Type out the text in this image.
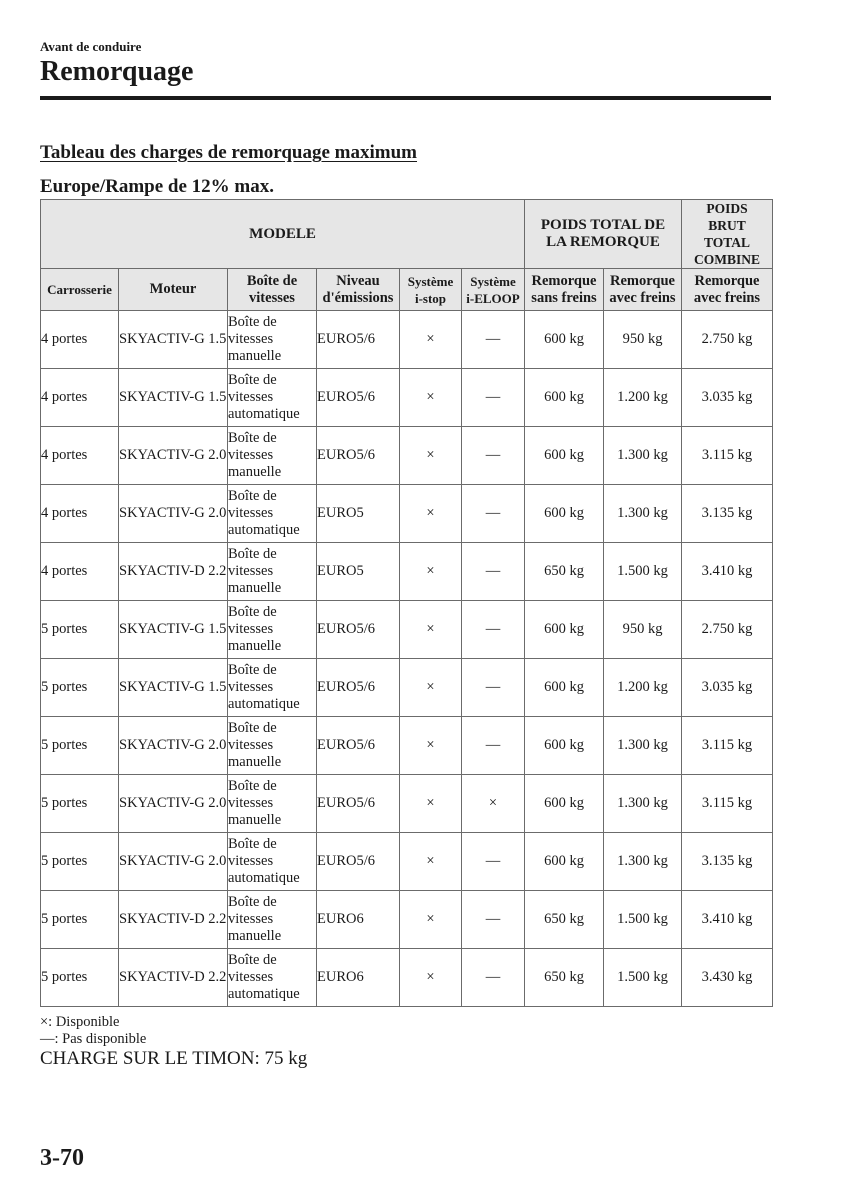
Avant de conduire
Remorquage
Tableau des charges de remorquage maximum
Europe/Rampe de 12% max.
MODELE						POIDS TOTAL DE LA REMORQUE		POIDS BRUT TOTAL COMBINE
Carrosserie	Moteur	Boîte de vitesses	Niveau d'émissions	Système i-stop	Système i-ELOOP	Remorque sans freins	Remorque avec freins	Remorque avec freins
4 portes	SKYACTIV-G 1.5	Boîte de vitesses manuelle	EURO5/6	×	—	600 kg	950 kg	2.750 kg
4 portes	SKYACTIV-G 1.5	Boîte de vitesses automatique	EURO5/6	×	—	600 kg	1.200 kg	3.035 kg
4 portes	SKYACTIV-G 2.0	Boîte de vitesses manuelle	EURO5/6	×	—	600 kg	1.300 kg	3.115 kg
4 portes	SKYACTIV-G 2.0	Boîte de vitesses automatique	EURO5	×	—	600 kg	1.300 kg	3.135 kg
4 portes	SKYACTIV-D 2.2	Boîte de vitesses manuelle	EURO5	×	—	650 kg	1.500 kg	3.410 kg
5 portes	SKYACTIV-G 1.5	Boîte de vitesses manuelle	EURO5/6	×	—	600 kg	950 kg	2.750 kg
5 portes	SKYACTIV-G 1.5	Boîte de vitesses automatique	EURO5/6	×	—	600 kg	1.200 kg	3.035 kg
5 portes	SKYACTIV-G 2.0	Boîte de vitesses manuelle	EURO5/6	×	—	600 kg	1.300 kg	3.115 kg
5 portes	SKYACTIV-G 2.0	Boîte de vitesses manuelle	EURO5/6	×	×	600 kg	1.300 kg	3.115 kg
5 portes	SKYACTIV-G 2.0	Boîte de vitesses automatique	EURO5/6	×	—	600 kg	1.300 kg	3.135 kg
5 portes	SKYACTIV-D 2.2	Boîte de vitesses manuelle	EURO6	×	—	650 kg	1.500 kg	3.410 kg
5 portes	SKYACTIV-D 2.2	Boîte de vitesses automatique	EURO6	×	—	650 kg	1.500 kg	3.430 kg
×: Disponible
—: Pas disponible
CHARGE SUR LE TIMON: 75 kg
3-70
